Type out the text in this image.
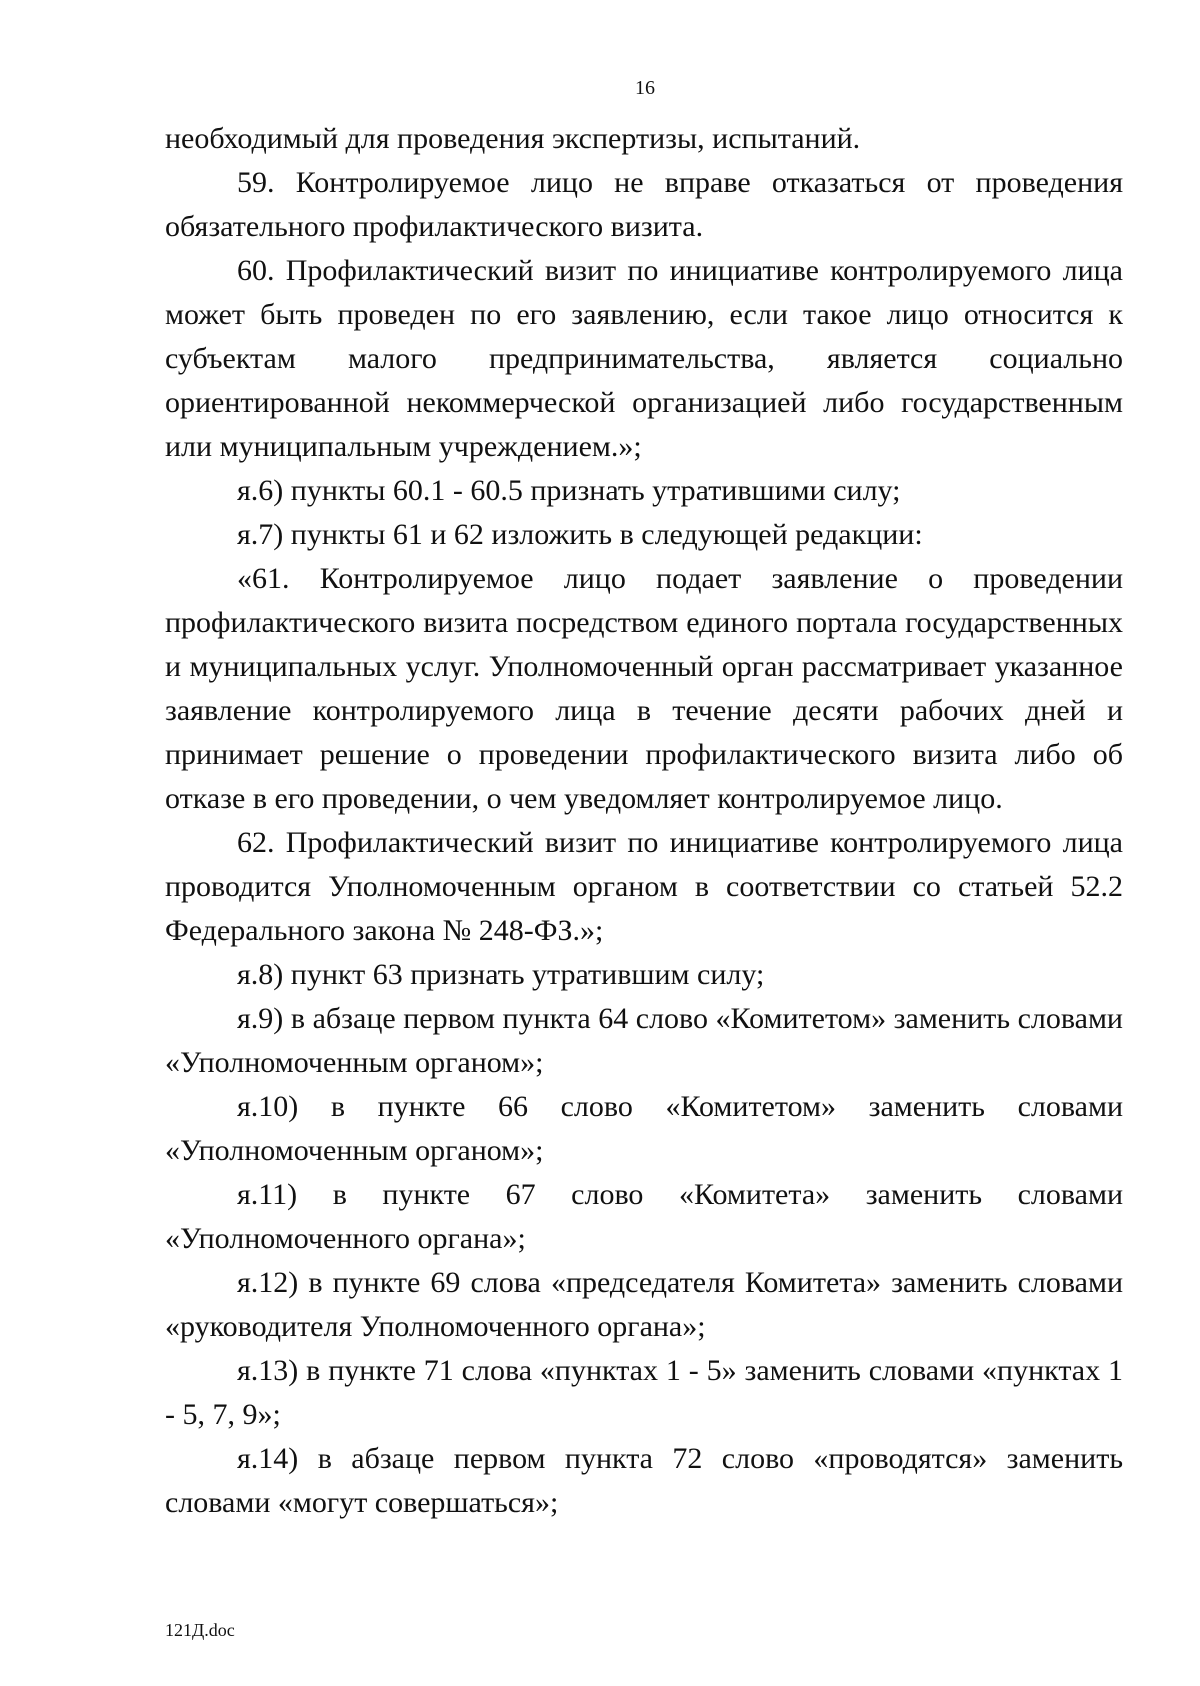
16

необходимый для проведения экспертизы, испытаний.

59. Контролируемое лицо не вправе отказаться от проведения обязательного профилактического визита.

60. Профилактический визит по инициативе контролируемого лица может быть проведен по его заявлению, если такое лицо относится к субъектам малого предпринимательства, является социально ориентированной некоммерческой организацией либо государственным или муниципальным учреждением.»;

я.6) пункты 60.1 - 60.5 признать утратившими силу;

я.7) пункты 61 и 62 изложить в следующей редакции:

«61. Контролируемое лицо подает заявление о проведении профилактического визита посредством единого портала государственных и муниципальных услуг. Уполномоченный орган рассматривает указанное заявление контролируемого лица в течение десяти рабочих дней и принимает решение о проведении профилактического визита либо об отказе в его проведении, о чем уведомляет контролируемое лицо.

62. Профилактический визит по инициативе контролируемого лица проводится Уполномоченным органом в соответствии со статьей 52.2 Федерального закона № 248-ФЗ.»;

я.8) пункт 63 признать утратившим силу;

я.9) в абзаце первом пункта 64 слово «Комитетом» заменить словами «Уполномоченным органом»;

я.10) в пункте 66 слово «Комитетом» заменить словами «Уполномоченным органом»;

я.11) в пункте 67 слово «Комитета» заменить словами «Уполномоченного органа»;

я.12) в пункте 69 слова «председателя Комитета» заменить словами «руководителя Уполномоченного органа»;

я.13) в пункте 71 слова «пунктах 1 - 5» заменить словами «пунктах 1 - 5, 7, 9»;

я.14) в абзаце первом пункта 72 слово «проводятся» заменить словами «могут совершаться»;

121Д.doc
